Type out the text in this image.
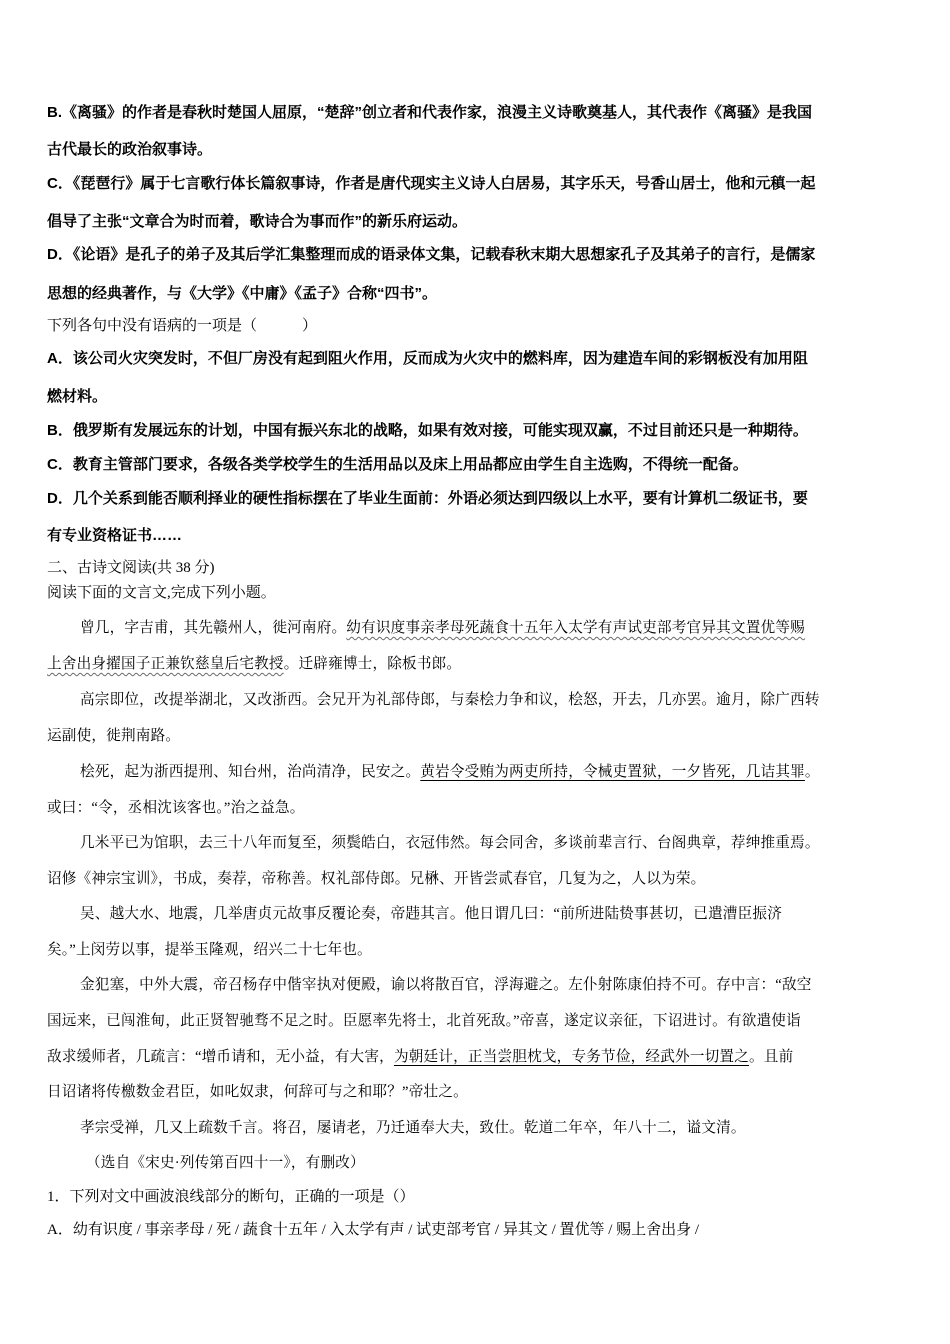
B.《离骚》的作者是春秋时楚国人屈原，“楚辞”创立者和代表作家，浪漫主义诗歌奠基人，其代表作《离骚》是我国
古代最长的政治叙事诗。
C．《琵琶行》属于七言歌行体长篇叙事诗，作者是唐代现实主义诗人白居易，其字乐天，号香山居士，他和元稹一起
倡导了主张“文章合为时而着，歌诗合为事而作”的新乐府运动。
D．《论语》是孔子的弟子及其后学汇集整理而成的语录体文集，记载春秋末期大思想家孔子及其弟子的言行，是儒家
思想的经典著作，与《大学》《中庸》《孟子》合称“四书”。
下列各句中没有语病的一项是（　　　）
A．该公司火灾突发时，不但厂房没有起到阻火作用，反而成为火灾中的燃料库，因为建造车间的彩钢板没有加用阻
燃材料。
B．俄罗斯有发展远东的计划，中国有振兴东北的战略，如果有效对接，可能实现双赢，不过目前还只是一种期待。
C．教育主管部门要求，各级各类学校学生的生活用品以及床上用品都应由学生自主选购，不得统一配备。
D．几个关系到能否顺利择业的硬性指标摆在了毕业生面前：外语必须达到四级以上水平，要有计算机二级证书，要
有专业资格证书……
二、古诗文阅读(共 38 分)
阅读下面的文言文,完成下列小题。
曾几，字吉甫，其先赣州人，徙河南府。幼有识度事亲孝母死蔬食十五年入太学有声试吏部考官异其文置优等赐
上舍出身擢国子正兼钦慈皇后宅教授。迁辟雍博士，除板书郎。
高宗即位，改提举湖北，又改浙西。会兄开为礼部侍郎，与秦桧力争和议，桧怒，开去，几亦罢。逾月，除广西转
运副使，徙荆南路。
桧死，起为浙西提刑、知台州，治尚清净，民安之。黄岩令受贿为两吏所持，令械吏置狱，一夕皆死，几诘其罪。
或曰：“令，丞相沈该客也。”治之益急。
几米平已为馆职，去三十八年而复至，须鬓皓白，衣冠伟然。每会同舍，多谈前辈言行、台阁典章，荐绅推重焉。
诏修《神宗宝训》，书成，奏荐，帝称善。权礼部侍郎。兄楙、开皆尝贰春官，几复为之，人以为荣。
吴、越大水、地震，几举唐贞元故事反覆论奏，帝韪其言。他日谓几曰：“前所进陆贽事甚切，已遣漕臣振济
矣。”上闵劳以事，提举玉隆观，绍兴二十七年也。
金犯塞，中外大震，帝召杨存中偕宰执对便殿，谕以将散百官，浮海避之。左仆射陈康伯持不可。存中言：“敌空
国远来，已闯淮甸，此正贤智驰骛不足之时。臣愿率先将士，北首死敌。”帝喜，遂定议亲征，下诏进讨。有欲遣使诣
敌求缓师者，几疏言：“增币请和，无小益，有大害，为朝廷计，正当尝胆枕戈，专务节俭，经武外一切置之。且前
日诏诸将传檄数金君臣，如叱奴隶，何辞可与之和耶？”帝壮之。
孝宗受禅，几又上疏数千言。将召，屡请老，乃迁通奉大夫，致仕。乾道二年卒，年八十二，谥文清。
（选自《宋史·列传第百四十一》，有删改）
1．下列对文中画波浪线部分的断句，正确的一项是（）
A．幼有识度 / 事亲孝母 / 死 / 蔬食十五年 / 入太学有声 / 试吏部考官 / 异其文 / 置优等 / 赐上舍出身 /
